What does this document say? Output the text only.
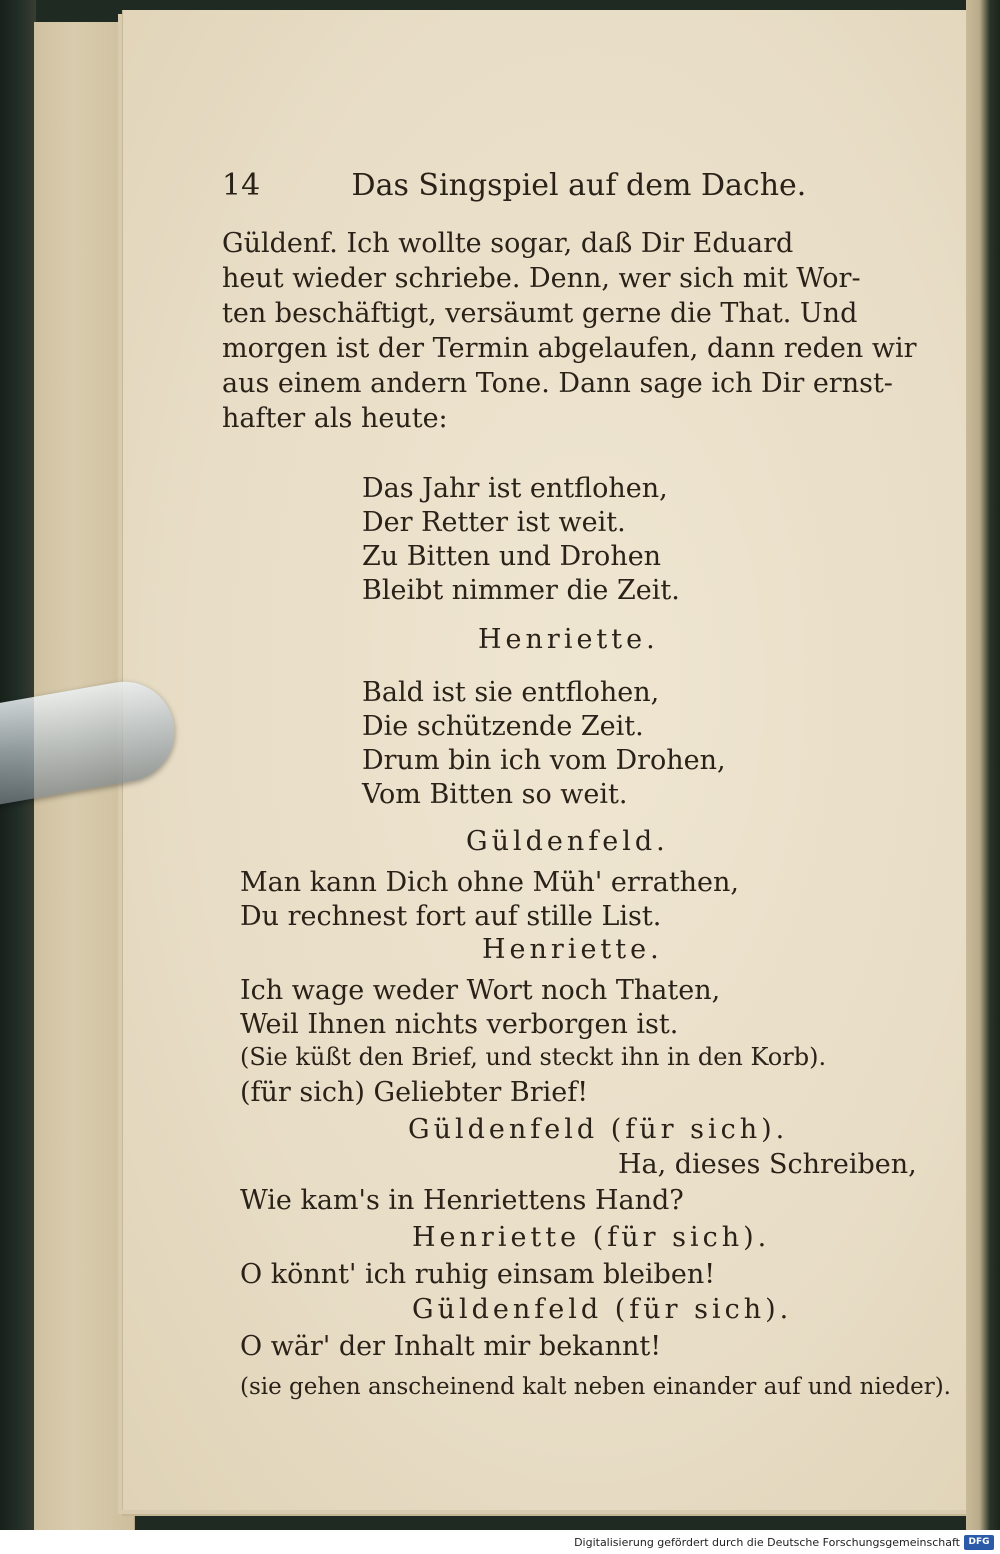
14	Das Singspiel auf dem Dache.
Güldenf. Ich wollte sogar, daß Dir Eduard
heut wieder schriebe. Denn, wer sich mit Wor-
ten beschäftigt, versäumt gerne die That. Und
morgen ist der Termin abgelaufen, dann reden wir
aus einem andern Tone. Dann sage ich Dir ernst-
hafter als heute:
Das Jahr ist entflohen,
Der Retter ist weit.
Zu Bitten und Drohen
Bleibt nimmer die Zeit.
Henriette.
Bald ist sie entflohen,
Die schützende Zeit.
Drum bin ich vom Drohen,
Vom Bitten so weit.
Güldenfeld.
Man kann Dich ohne Müh' errathen,
Du rechnest fort auf stille List.
Henriette.
Ich wage weder Wort noch Thaten,
Weil Ihnen nichts verborgen ist.
(Sie küßt den Brief, und steckt ihn in den Korb).
(für sich) Geliebter Brief!
Güldenfeld (für sich).
Ha, dieses Schreiben,
Wie kam's in Henriettens Hand?
Henriette (für sich).
O könnt' ich ruhig einsam bleiben!
Güldenfeld (für sich).
O wär' der Inhalt mir bekannt!
(sie gehen anscheinend kalt neben einander auf und nieder).
Digitalisierung gefördert durch die Deutsche Forschungsgemeinschaft DFG
